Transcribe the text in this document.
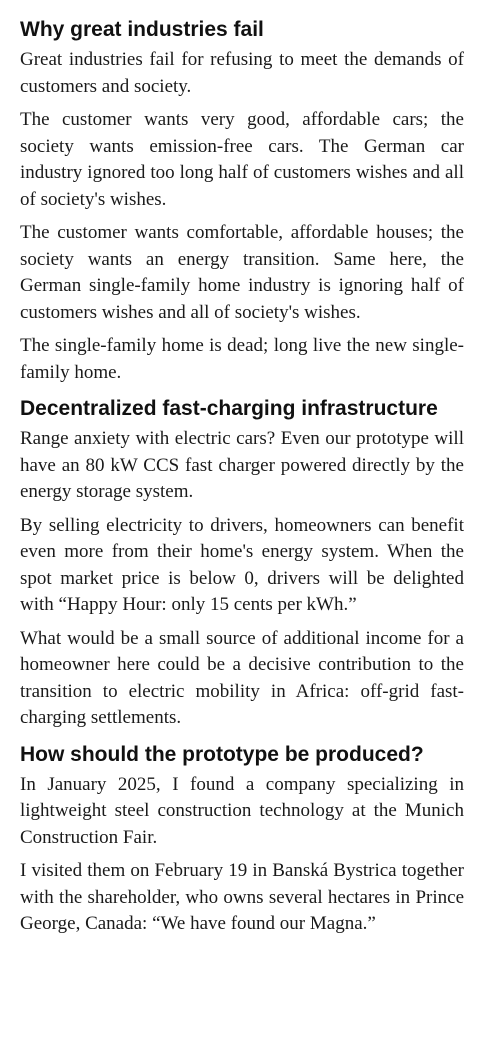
Why great industries fail

Great industries fail for refusing to meet the demands of customers and society.

The customer wants very good, affordable cars; the society wants emission-free cars. The German car industry ignored too long half of customers wishes and all of society's wishes.

The customer wants comfortable, affordable houses; the society wants an energy transition. Same here, the German single-family home industry is ignoring half of customers wishes and all of society's wishes.

The single-family home is dead; long live the new single-family home.

Decentralized fast-charging infrastructure

Range anxiety with electric cars? Even our prototype will have an 80 kW CCS fast charger powered directly by the energy storage system.

By selling electricity to drivers, homeowners can benefit even more from their home's energy system. When the spot market price is below 0, drivers will be delighted with “Happy Hour: only 15 cents per kWh.”

What would be a small source of additional income for a homeowner here could be a decisive contribution to the transition to electric mobility in Africa: off-grid fast-charging settlements.

How should the prototype be produced?

In January 2025, I found a company specializing in lightweight steel construction technology at the Munich Construction Fair.

I visited them on February 19 in Banská Bystrica together with the shareholder, who owns several hectares in Prince George, Canada: “We have found our Magna.”
